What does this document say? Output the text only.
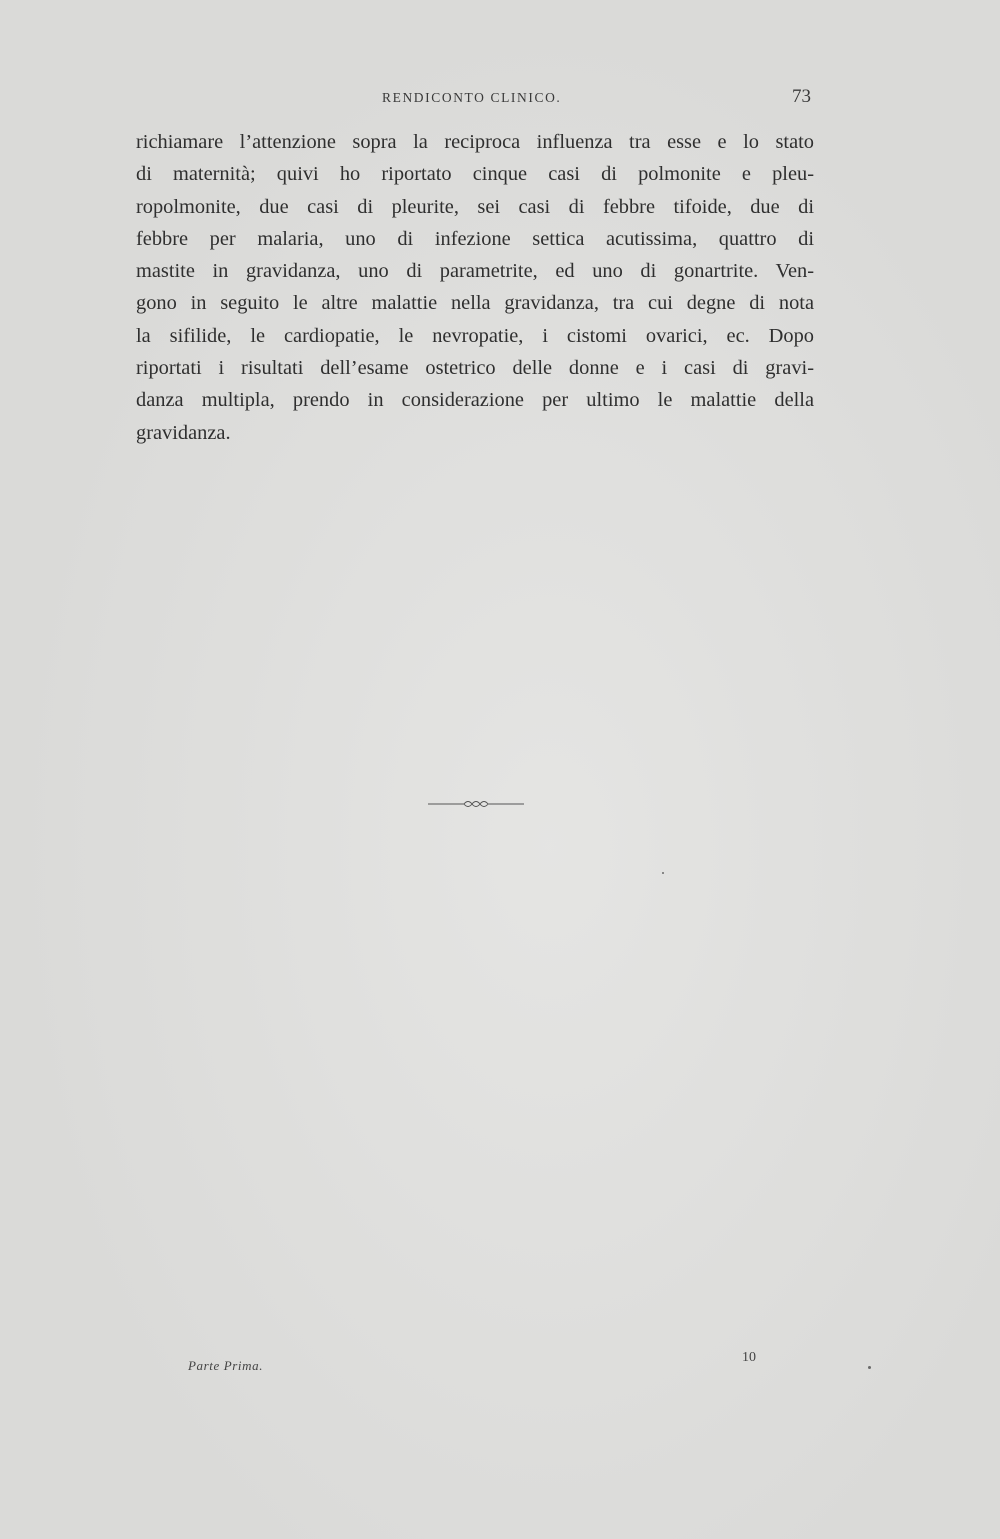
RENDICONTO CLINICO.	73
richiamare l’attenzione sopra la reciproca influenza tra esse e lo stato
di maternità; quivi ho riportato cinque casi di polmonite e pleu-
ropolmonite, due casi di pleurite, sei casi di febbre tifoide, due di
febbre per malaria, uno di infezione settica acutissima, quattro di
mastite in gravidanza, uno di parametrite, ed uno di gonartrite. Ven-
gono in seguito le altre malattie nella gravidanza, tra cui degne di nota
la sifilide, le cardiopatie, le nevropatie, i cistomi ovarici, ec. Dopo
riportati i risultati dell’esame ostetrico delle donne e i casi di gravi-
danza multipla, prendo in considerazione per ultimo le malattie della
gravidanza.
Parte Prima.
10
